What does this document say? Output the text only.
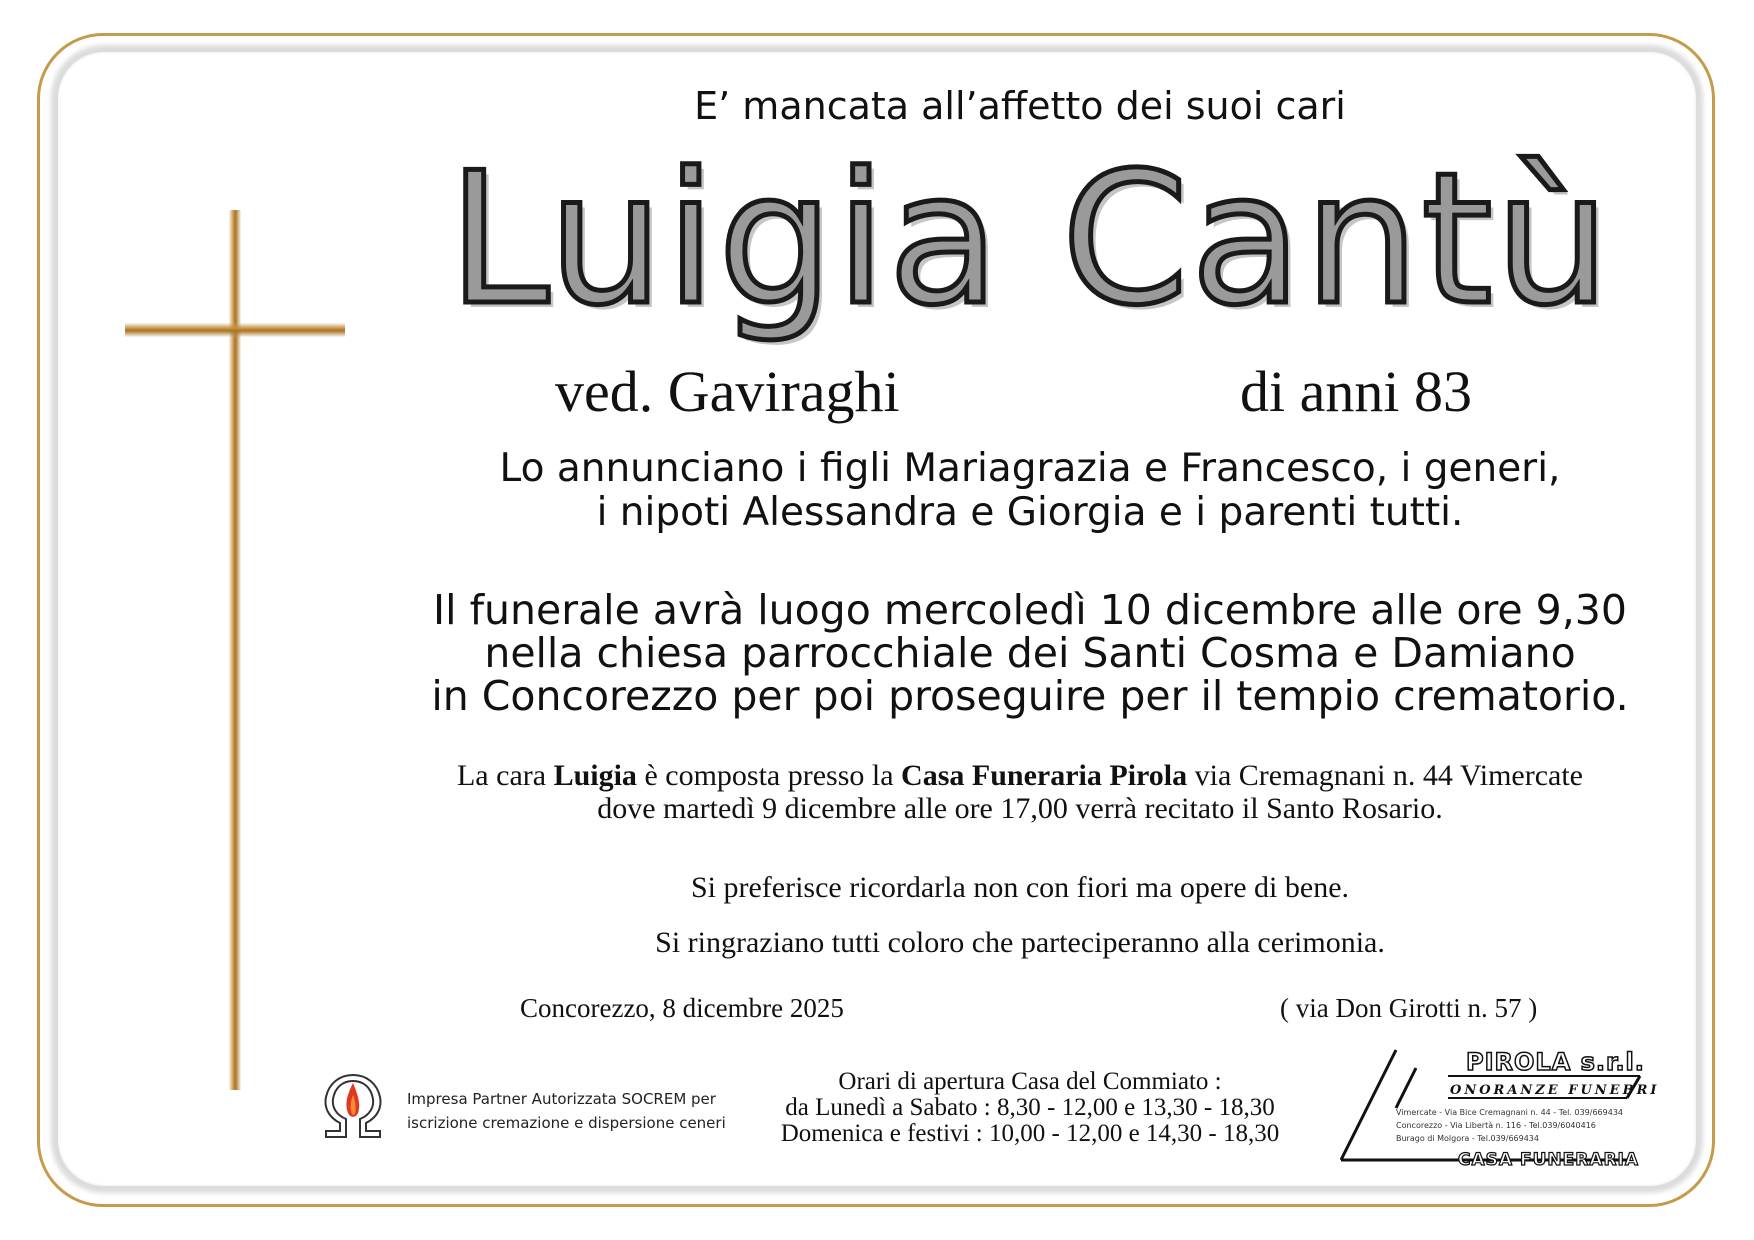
E’ mancata all’affetto dei suoi cari
Luigia Cantù
ved. Gaviraghi	di anni 83
Lo annunciano i figli Mariagrazia e Francesco, i generi,
i nipoti Alessandra e Giorgia e i parenti tutti.
Il funerale avrà luogo mercoledì 10 dicembre alle ore 9,30
nella chiesa parrocchiale dei Santi Cosma e Damiano
in Concorezzo per poi proseguire per il tempio crematorio.
La cara Luigia è composta presso la Casa Funeraria Pirola via Cremagnani n. 44 Vimercate
dove martedì 9 dicembre alle ore 17,00 verrà recitato il Santo Rosario.
Si preferisce ricordarla non con fiori ma opere di bene.
Si ringraziano tutti coloro che parteciperanno alla cerimonia.
Concorezzo, 8 dicembre 2025	( via Don Girotti n. 57 )
Orari di apertura Casa del Commiato :
da Lunedì a Sabato : 8,30 - 12,00 e 13,30 - 18,30
Domenica e festivi : 10,00 - 12,00 e 14,30 - 18,30
Impresa Partner Autorizzata SOCREM per
iscrizione cremazione e dispersione ceneri
PIROLA s.r.l.
ONORANZE FUNEBRI
Vimercate - Via Bice Cremagnani n. 44 - Tel. 039/669434
Concorezzo - Via Libertà n. 116 - Tel.039/6040416
Burago di Molgora - Tel.039/669434
CASA FUNERARIA
